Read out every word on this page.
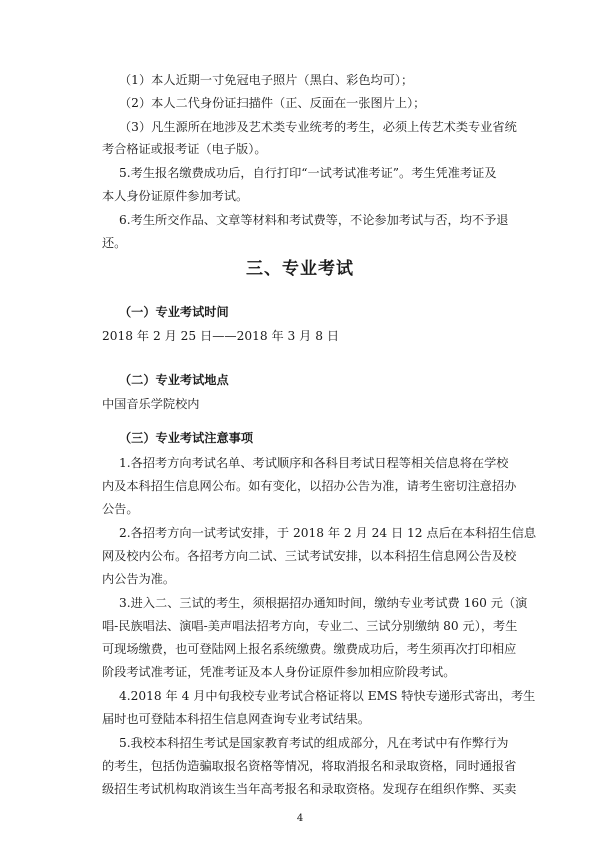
（1）本人近期一寸免冠电子照片（黑白、彩色均可）；
（2）本人二代身份证扫描件（正、反面在一张图片上）；
（3）凡生源所在地涉及艺术类专业统考的考生，必须上传艺术类专业省统
考合格证或报考证（电子版）。
5.考生报名缴费成功后，自行打印“一试考试准考证”。考生凭准考证及
本人身份证原件参加考试。
6.考生所交作品、文章等材料和考试费等，不论参加考试与否，均不予退
还。
三、专业考试
（一）专业考试时间
2018 年 2 月 25 日——2018 年 3 月 8 日
（二）专业考试地点
中国音乐学院校内
（三）专业考试注意事项
1.各招考方向考试名单、考试顺序和各科目考试日程等相关信息将在学校
内及本科招生信息网公布。如有变化，以招办公告为准，请考生密切注意招办
公告。
2.各招考方向一试考试安排，于 2018 年 2 月 24 日 12 点后在本科招生信息
网及校内公布。各招考方向二试、三试考试安排，以本科招生信息网公告及校
内公告为准。
3.进入二、三试的考生，须根据招办通知时间，缴纳专业考试费 160 元（演
唱-民族唱法、演唱-美声唱法招考方向，专业二、三试分别缴纳 80 元），考生
可现场缴费，也可登陆网上报名系统缴费。缴费成功后，考生须再次打印相应
阶段考试准考证，凭准考证及本人身份证原件参加相应阶段考试。
4.2018 年 4 月中旬我校专业考试合格证将以 EMS 特快专递形式寄出，考生
届时也可登陆本科招生信息网查询专业考试结果。
5.我校本科招生考试是国家教育考试的组成部分，凡在考试中有作弊行为
的考生，包括伪造骗取报名资格等情况，将取消报名和录取资格，同时通报省
级招生考试机构取消该生当年高考报名和录取资格。发现存在组织作弊、买卖
4
